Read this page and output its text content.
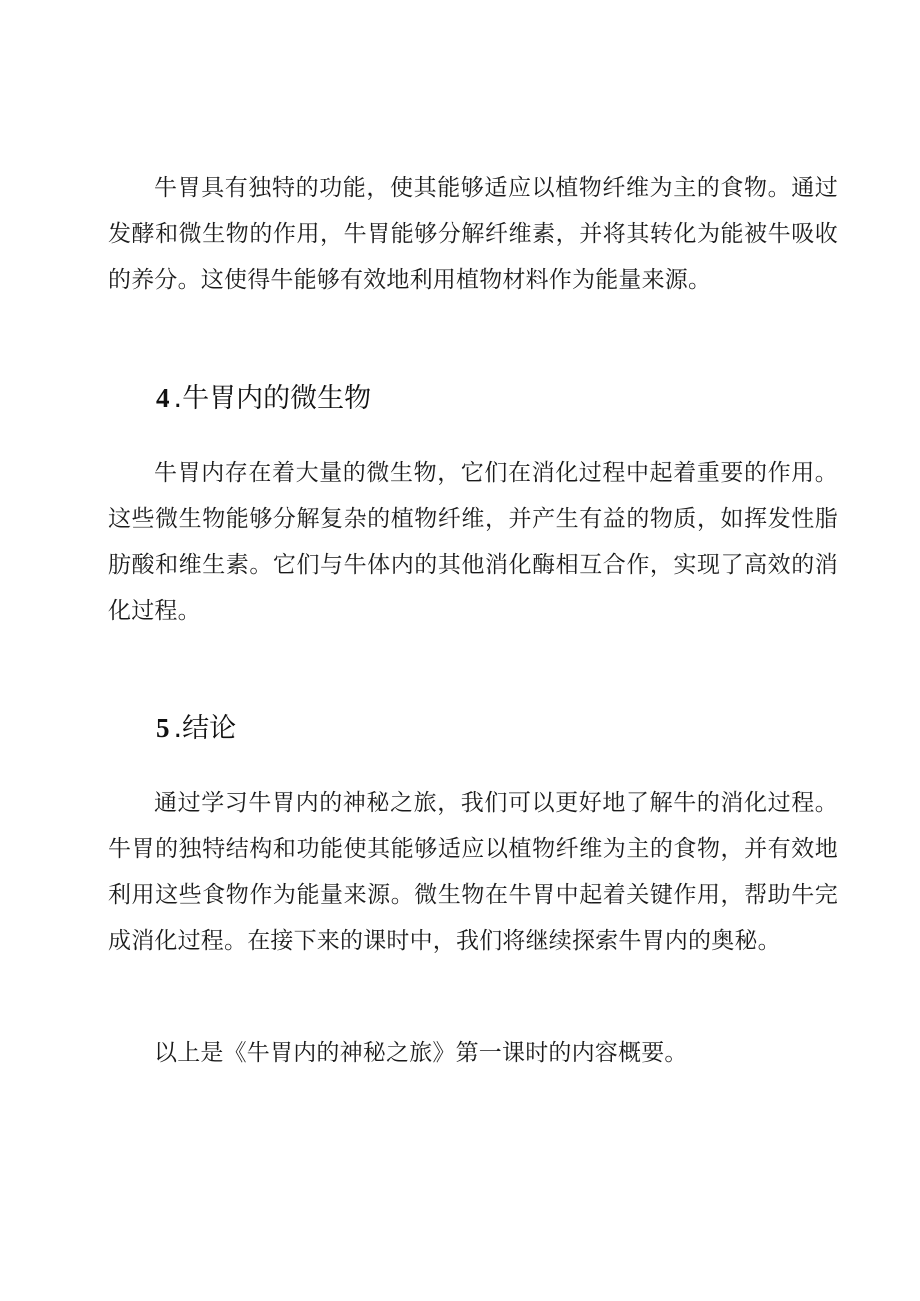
牛胃具有独特的功能，使其能够适应以植物纤维为主的食物。通过发酵和微生物的作用，牛胃能够分解纤维素，并将其转化为能被牛吸收的养分。这使得牛能够有效地利用植物材料作为能量来源。

4 .牛胃内的微生物

牛胃内存在着大量的微生物，它们在消化过程中起着重要的作用。这些微生物能够分解复杂的植物纤维，并产生有益的物质，如挥发性脂肪酸和维生素。它们与牛体内的其他消化酶相互合作，实现了高效的消化过程。

5 .结论

通过学习牛胃内的神秘之旅，我们可以更好地了解牛的消化过程。牛胃的独特结构和功能使其能够适应以植物纤维为主的食物，并有效地利用这些食物作为能量来源。微生物在牛胃中起着关键作用，帮助牛完成消化过程。在接下来的课时中，我们将继续探索牛胃内的奥秘。

以上是《牛胃内的神秘之旅》第一课时的内容概要。
